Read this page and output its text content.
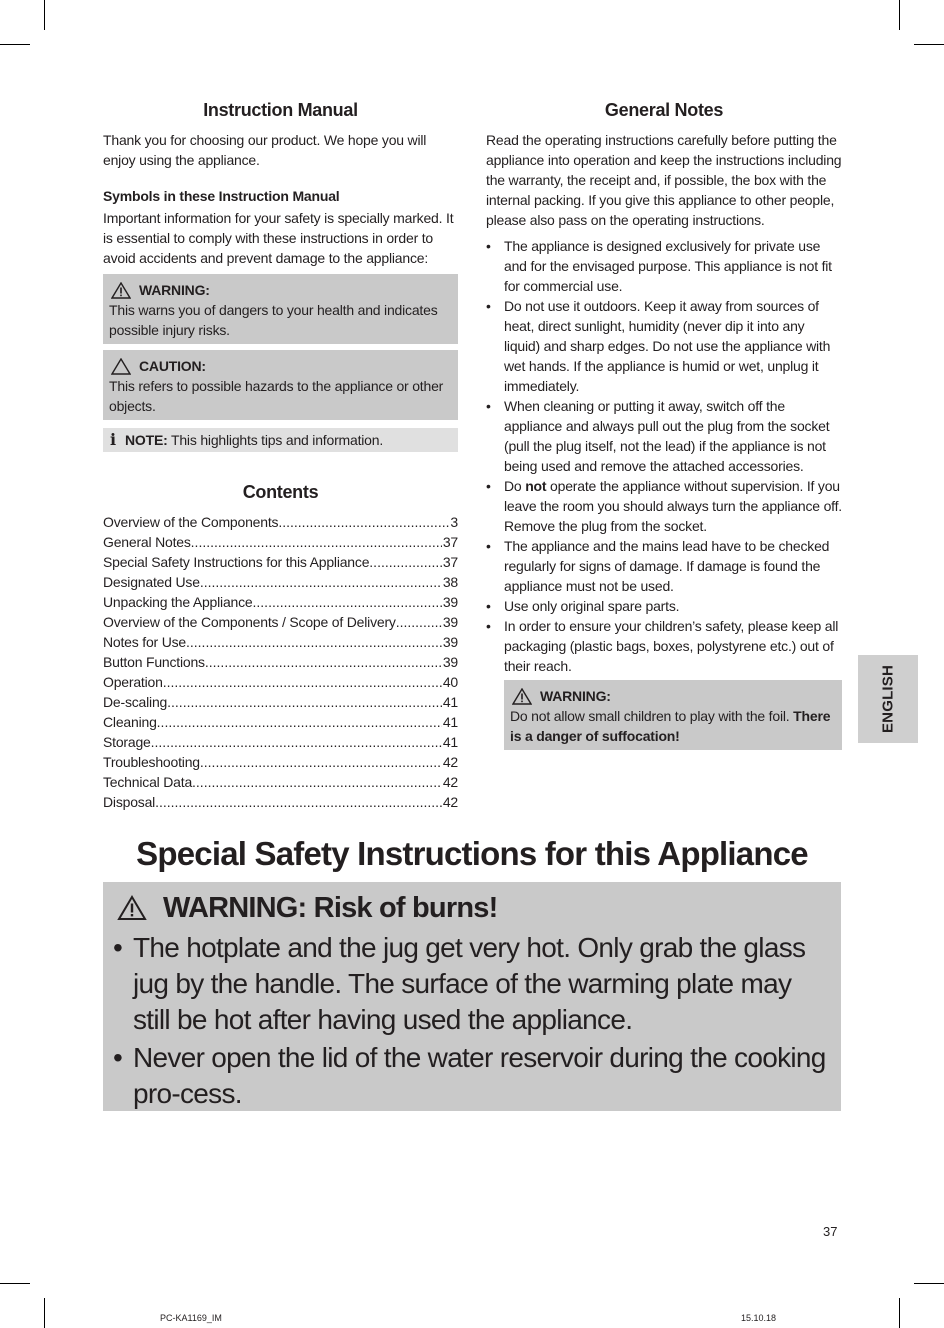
Instruction Manual

Thank you for choosing our product. We hope you will enjoy using the appliance.

Symbols in these Instruction Manual

Important information for your safety is specially marked. It is essential to comply with these instructions in order to avoid accidents and prevent damage to the appliance:

WARNING:

This warns you of dangers to your health and indicates possible injury risks.

CAUTION:

This refers to possible hazards to the appliance or other objects.

i NOTE: This highlights tips and information.
Contents
Overview of the Components .....	3
General Notes .....	37
Special Safety Instructions for this Appliance .....	37
Designated Use .....	38
Unpacking the Appliance .....	39
Overview of the Components / Scope of Delivery .....	39
Notes for Use .....	39
Button Functions .....	39
Operation .....	40
De-scaling .....	41
Cleaning .....	41
Storage .....	41
Troubleshooting .....	42
Technical Data .....	42
Disposal .....	42
General Notes

Read the operating instructions carefully before putting the appliance into operation and keep the instructions including the warranty, the receipt and, if possible, the box with the internal packing. If you give this appliance to other people, please also pass on the operating instructions.

• The appliance is designed exclusively for private use and for the envisaged purpose. This appliance is not fit for commercial use.
• Do not use it outdoors. Keep it away from sources of heat, direct sunlight, humidity (never dip it into any liquid) and sharp edges. Do not use the appliance with wet hands. If the appliance is humid or wet, unplug it immediately.
• When cleaning or putting it away, switch off the appliance and always pull out the plug from the socket (pull the plug itself, not the lead) if the appliance is not being used and remove the attached accessories.
• Do not operate the appliance without supervision. If you leave the room you should always turn the appliance off. Remove the plug from the socket.
• The appliance and the mains lead have to be checked regularly for signs of damage. If damage is found the appliance must not be used.
• Use only original spare parts.
• In order to ensure your children’s safety, please keep all packaging (plastic bags, boxes, polystyrene etc.) out of their reach.
WARNING:

Do not allow small children to play with the foil. There is a danger of suffocation!

ENGLISH
Special Safety Instructions for this Appliance
WARNING: Risk of burns!
• The hotplate and the jug get very hot. Only grab the glass jug by the handle. The surface of the warming plate may still be hot after having used the appliance.
• Never open the lid of the water reservoir during the cooking pro-cess.
37
PC-KA1169_IM	15.10.18
